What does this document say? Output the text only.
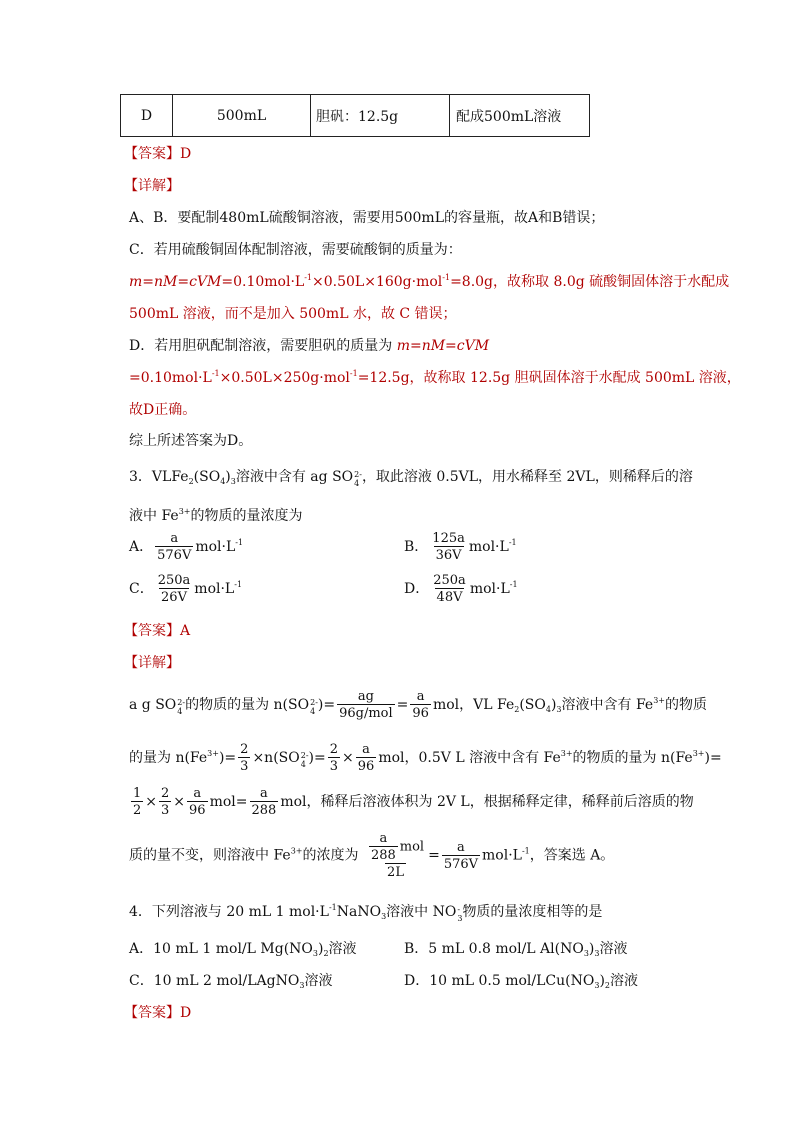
D	500mL	胆矾：12.5g	配成500mL溶液
【答案】D
【详解】
A、B．要配制480mL硫酸铜溶液，需要用500mL的容量瓶，故A和B错误；
C．若用硫酸铜固体配制溶液，需要硫酸铜的质量为：
$m=nM=cVM=0.10mol\cdot L^{-1}\times 0.50L\times 160g\cdot mol^{-1}=8.0g$，故称取 8.0g 硫酸铜固体溶于水配成
500mL 溶液，而不是加入 500mL 水，故 C 错误；
D．若用胆矾配制溶液，需要胆矾的质量为 m=nM=cVM
$=0.10mol\cdot L^{-1}\times 0.50L\times 250g\cdot mol^{-1}=12.5g$，故称取 12.5g 胆矾固体溶于水配成 500mL 溶液，
故D正确。
综上所述答案为D。
3．$VLFe_2(SO_4)_3$溶液中含有 ag SO 2-
4 ，取此溶液 0.5VL，用水稀释至 2VL，则稀释后的溶
液中 $Fe^{3+}$的物质的量浓度为
A． $\frac{a}{576V} mol\cdot L^{-1}$	B． $\frac{125a}{36V} mol\cdot L^{-1}$
C． $\frac{250a}{26V} mol\cdot L^{-1}$	D． $\frac{250a}{48V} mol\cdot L^{-1}$
【答案】A
【详解】
a g SO 2-
4 的物质的量为 n( SO 2-
4 )= $\frac{ag}{\text{96g/mol}} = \frac{a}{96}$ mol，VL $Fe_2(SO_4)_3$溶液中含有 $Fe^{3+}$的物质
的量为 $n(Fe^{3+})= \frac{2}{3} \times n$( SO 2-
4 )= $\frac{2}{3} \times \frac{a}{96}$ mol，0.5V L 溶液中含有 $Fe^{3+}$的物质的量为 $n(Fe^{3+})=$
$\frac{1}{2} \times \frac{2}{3} \times \frac{a}{96} mol= \frac{a}{288}$ mol，稀释后溶液体积为 2V L，根据稀释定律，稀释前后溶质的物
质的量不变，则溶液中 $Fe^{3+}$的浓度为 $\frac{\frac{a}{288} mol}{2L} = \frac{a}{576V} mol\cdot L^{-1}$，答案选 A。
4．下列溶液与 20 mL 1 $mol\cdot L^{-1}NaNO_3$溶液中 NO -
3 物质的量浓度相等的是
A．10 mL 1 mol/L $Mg(NO_3)_2$溶液	B．5 mL 0.8 mol/L $Al(NO_3)_3$溶液
C．10 mL 2 mol/LAgNO$_3$溶液	D．10 mL 0.5 mol/$LCu(NO_3)_2$溶液
【答案】D
